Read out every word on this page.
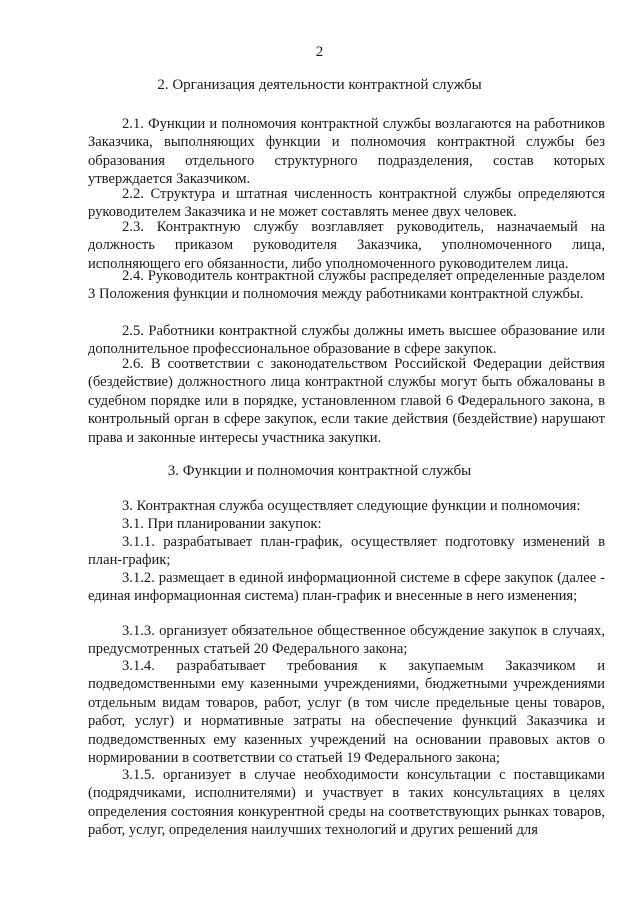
2
2. Организация деятельности контрактной службы

2.1. Функции и полномочия контрактной службы возлагаются на работников Заказчика, выполняющих функции и полномочия контрактной службы без образования отдельного структурного подразделения, состав которых утверждается Заказчиком.

2.2. Структура и штатная численность контрактной службы определяются руководителем Заказчика и не может составлять менее двух человек.

2.3. Контрактную службу возглавляет руководитель, назначаемый на должность приказом руководителя Заказчика, уполномоченного лица, исполняющего его обязанности, либо уполномоченного руководителем лица.

2.4. Руководитель контрактной службы распределяет определенные разделом 3 Положения функции и полномочия между работниками контрактной службы.

2.5. Работники контрактной службы должны иметь высшее образование или дополнительное профессиональное образование в сфере закупок.

2.6. В соответствии с законодательством Российской Федерации действия (бездействие) должностного лица контрактной службы могут быть обжалованы в судебном порядке или в порядке, установленном главой 6 Федерального закона, в контрольный орган в сфере закупок, если такие действия (бездействие) нарушают права и законные интересы участника закупки.

3. Функции и полномочия контрактной службы

3. Контрактная служба осуществляет следующие функции и полномочия:

3.1. При планировании закупок:

3.1.1. разрабатывает план-график, осуществляет подготовку изменений в план-график;

3.1.2. размещает в единой информационной системе в сфере закупок (далее - единая информационная система) план-график и внесенные в него изменения;

3.1.3. организует обязательное общественное обсуждение закупок в случаях, предусмотренных статьей 20 Федерального закона;

3.1.4. разрабатывает требования к закупаемым Заказчиком и подведомственными ему казенными учреждениями, бюджетными учреждениями отдельным видам товаров, работ, услуг (в том числе предельные цены товаров, работ, услуг) и нормативные затраты на обеспечение функций Заказчика и подведомственных ему казенных учреждений на основании правовых актов о нормировании в соответствии со статьей 19 Федерального закона;

3.1.5. организует в случае необходимости консультации с поставщиками (подрядчиками, исполнителями) и участвует в таких консультациях в целях определения состояния конкурентной среды на соответствующих рынках товаров, работ, услуг, определения наилучших технологий и других решений для
